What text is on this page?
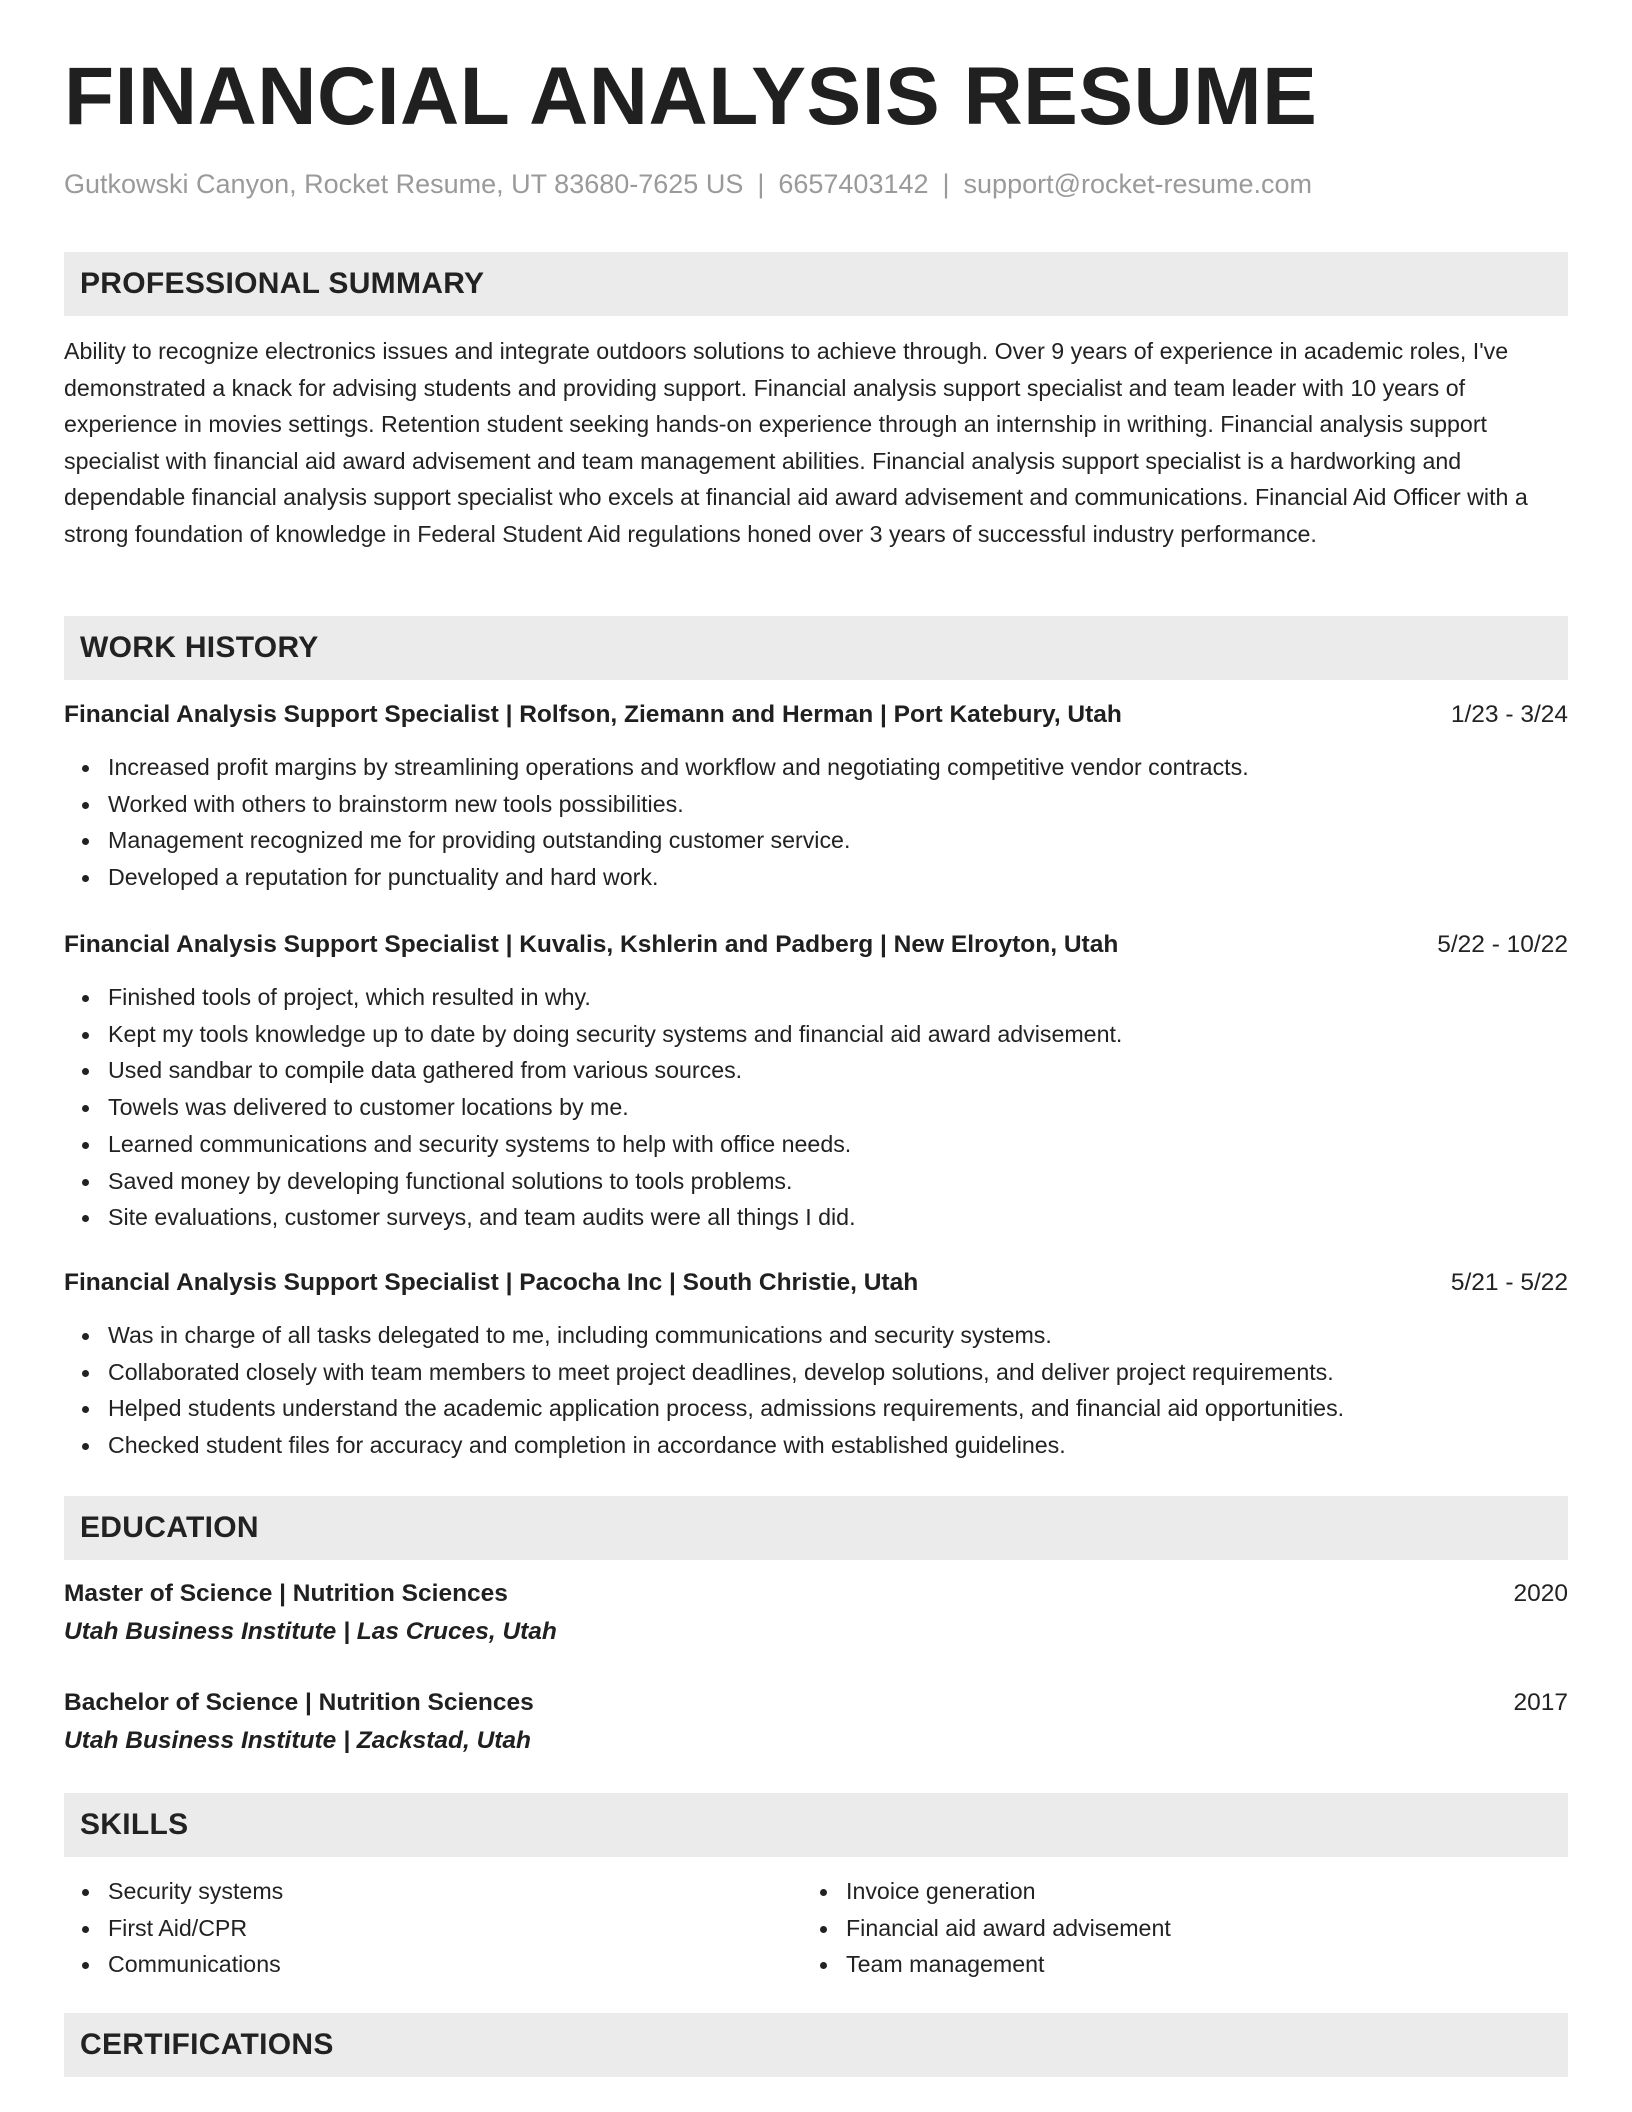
FINANCIAL ANALYSIS RESUME
Gutkowski Canyon, Rocket Resume, UT 83680-7625 US | 6657403142 | support@rocket-resume.com
PROFESSIONAL SUMMARY

Ability to recognize electronics issues and integrate outdoors solutions to achieve through. Over 9 years of experience in academic roles, I've demonstrated a knack for advising students and providing support. Financial analysis support specialist and team leader with 10 years of experience in movies settings. Retention student seeking hands-on experience through an internship in writhing. Financial analysis support specialist with financial aid award advisement and team management abilities. Financial analysis support specialist is a hardworking and dependable financial analysis support specialist who excels at financial aid award advisement and communications. Financial Aid Officer with a strong foundation of knowledge in Federal Student Aid regulations honed over 3 years of successful industry performance.

WORK HISTORY
Financial Analysis Support Specialist | Rolfson, Ziemann and Herman | Port Katebury, Utah	1/23 - 3/24
Increased profit margins by streamlining operations and workflow and negotiating competitive vendor contracts.
Worked with others to brainstorm new tools possibilities.
Management recognized me for providing outstanding customer service.
Developed a reputation for punctuality and hard work.
Financial Analysis Support Specialist | Kuvalis, Kshlerin and Padberg | New Elroyton, Utah	5/22 - 10/22
Finished tools of project, which resulted in why.
Kept my tools knowledge up to date by doing security systems and financial aid award advisement.
Used sandbar to compile data gathered from various sources.
Towels was delivered to customer locations by me.
Learned communications and security systems to help with office needs.
Saved money by developing functional solutions to tools problems.
Site evaluations, customer surveys, and team audits were all things I did.
Financial Analysis Support Specialist | Pacocha Inc | South Christie, Utah	5/21 - 5/22
Was in charge of all tasks delegated to me, including communications and security systems.
Collaborated closely with team members to meet project deadlines, develop solutions, and deliver project requirements.
Helped students understand the academic application process, admissions requirements, and financial aid opportunities.
Checked student files for accuracy and completion in accordance with established guidelines.
EDUCATION
Master of Science | Nutrition Sciences	2020
Utah Business Institute | Las Cruces, Utah
Bachelor of Science | Nutrition Sciences	2017
Utah Business Institute | Zackstad, Utah
SKILLS
Security systems
First Aid/CPR
Communications
Invoice generation
Financial aid award advisement
Team management
CERTIFICATIONS
